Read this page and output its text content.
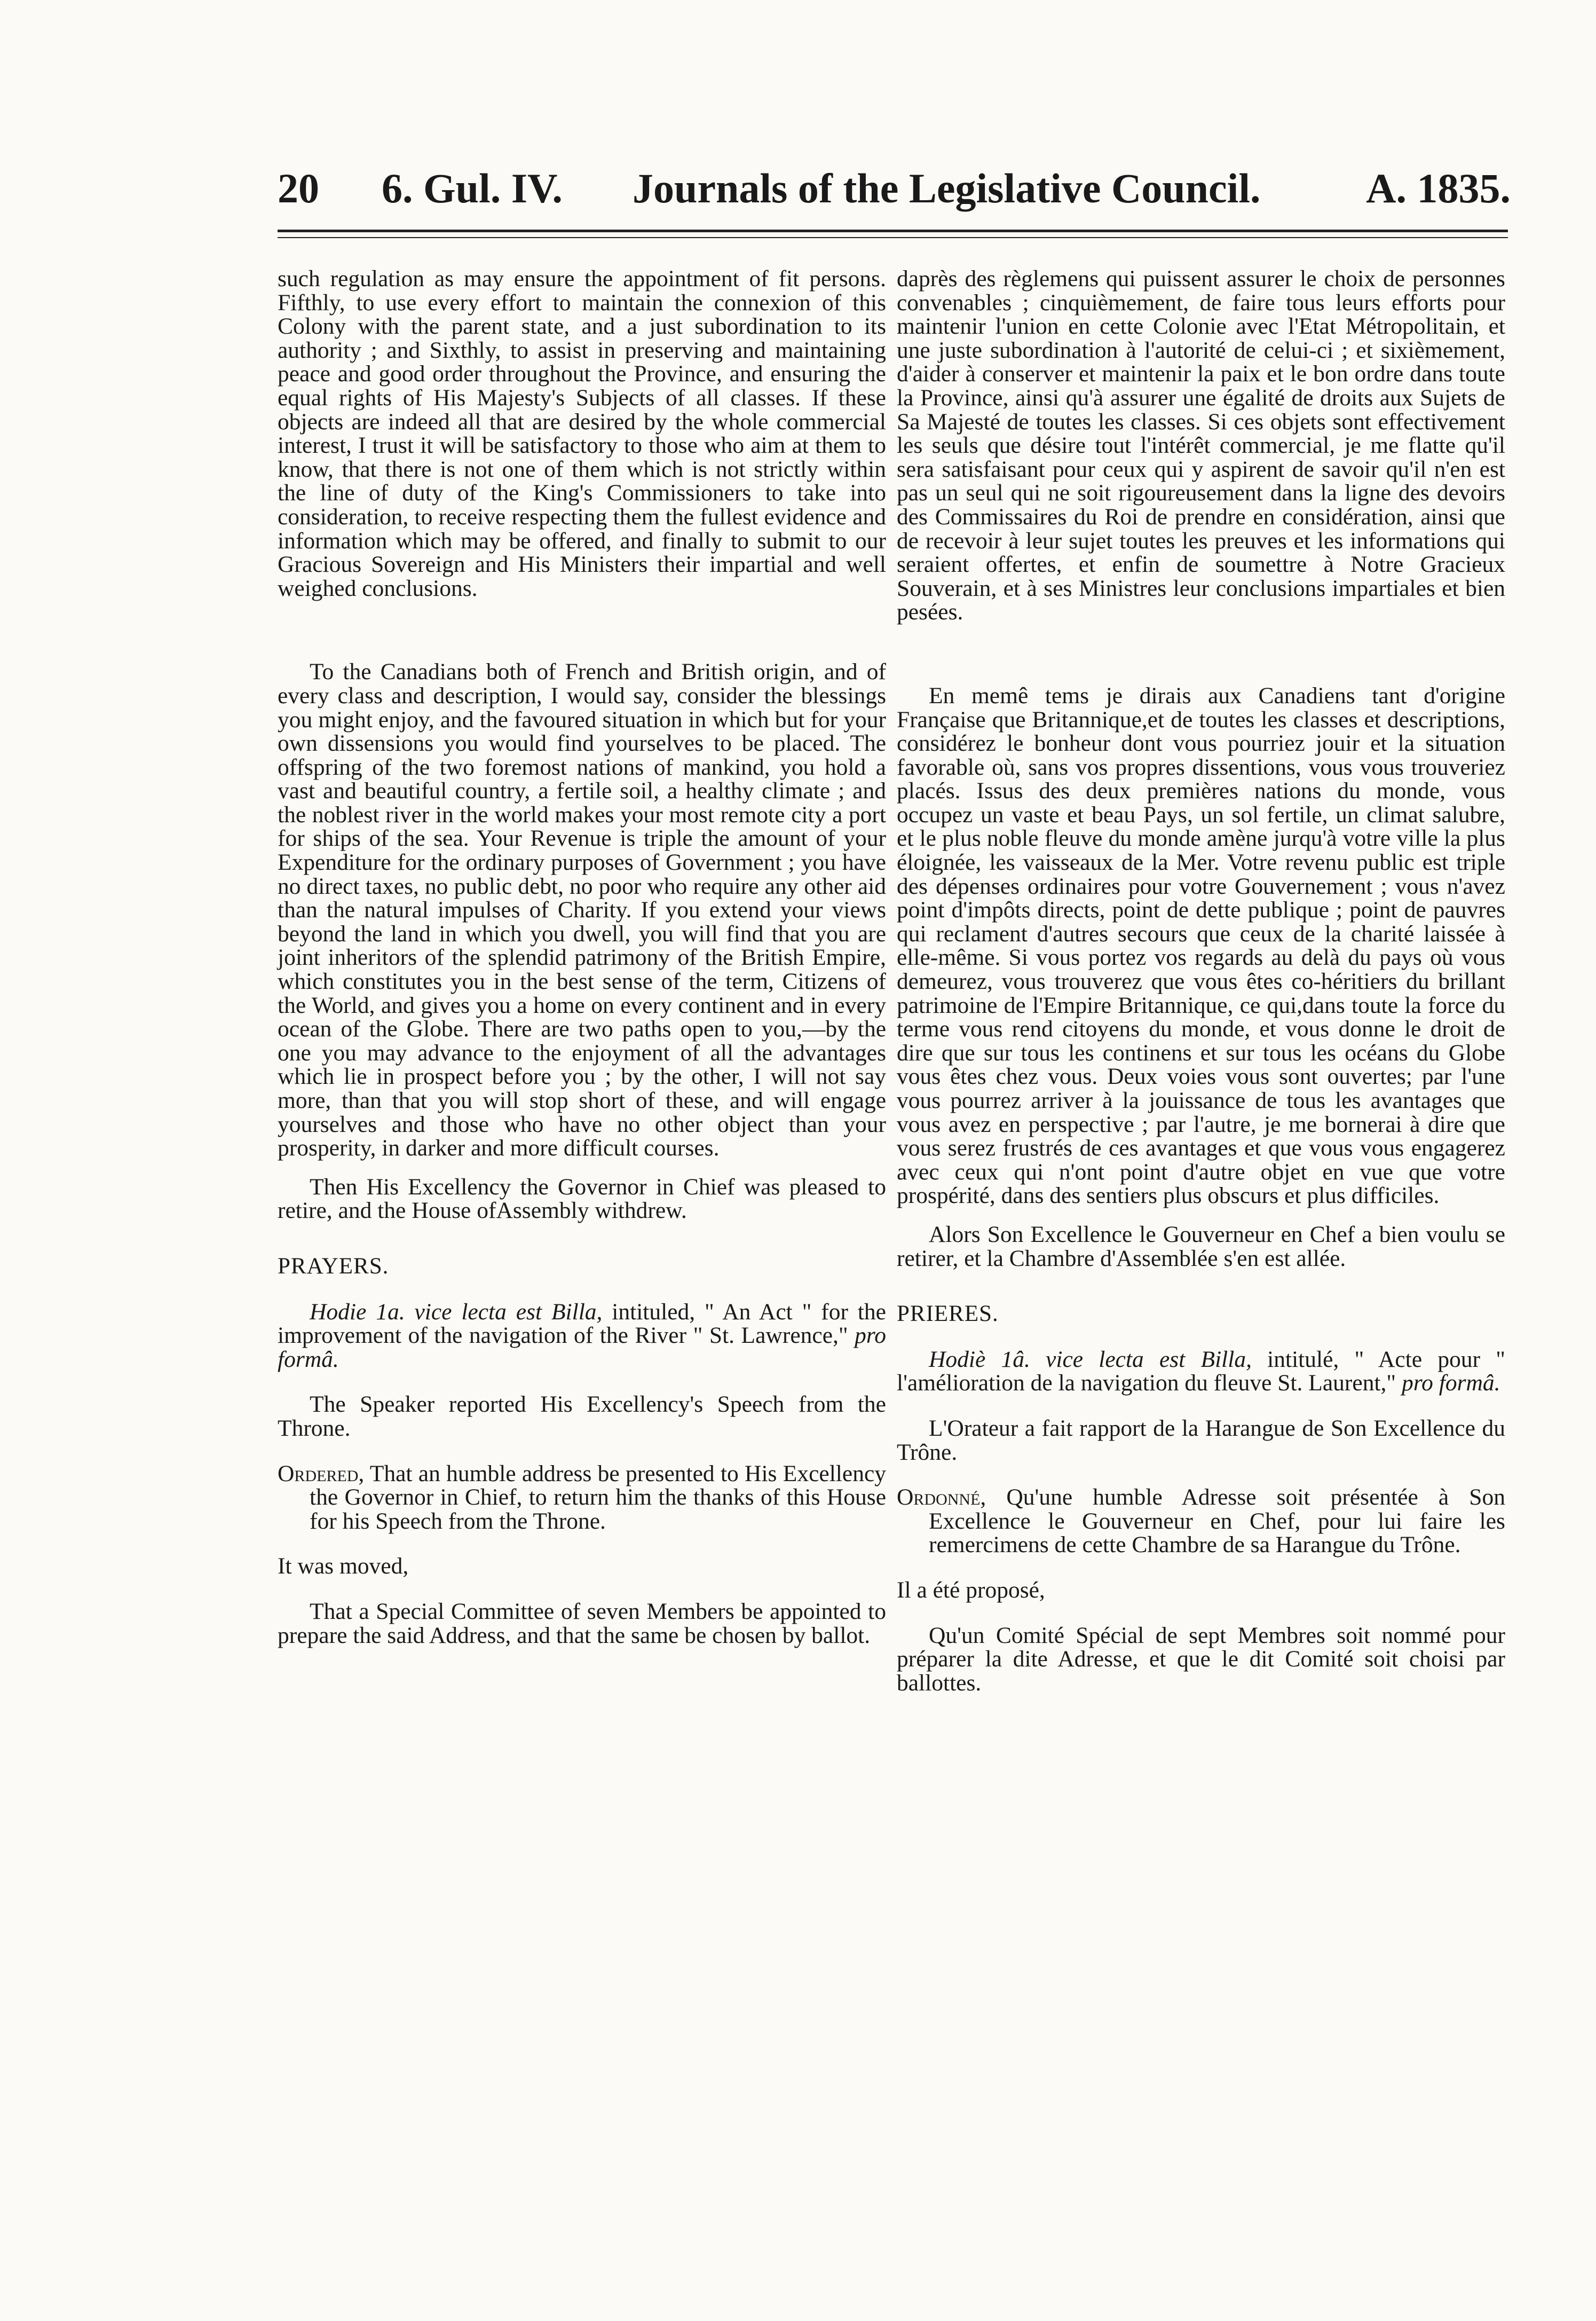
20 6. Gul. IV. Journals of the Legislative Council.	A. 1835.

such regulation as may ensure the appointment of fit persons. Fifthly, to use every effort to maintain the connexion of this Colony with the parent state, and a just subordination to its authority ; and Sixthly, to assist in preserving and maintaining peace and good order throughout the Province, and ensuring the equal rights of His Majesty's Subjects of all classes. If these objects are indeed all that are desired by the whole commercial interest, I trust it will be satisfactory to those who aim at them to know, that there is not one of them which is not strictly within the line of duty of the King's Commissioners to take into consideration, to receive respecting them the fullest evidence and information which may be offered, and finally to submit to our Gracious Sovereign and His Ministers their impartial and well weighed conclusions.

To the Canadians both of French and British origin, and of every class and description, I would say, consider the blessings you might enjoy, and the favoured situation in which but for your own dissensions you would find yourselves to be placed. The offspring of the two foremost nations of mankind, you hold a vast and beautiful country, a fertile soil, a healthy climate ; and the noblest river in the world makes your most remote city a port for ships of the sea. Your Revenue is triple the amount of your Expenditure for the ordinary purposes of Government ; you have no direct taxes, no public debt, no poor who require any other aid than the natural impulses of Charity. If you extend your views beyond the land in which you dwell, you will find that you are joint inheritors of the splendid patrimony of the British Empire, which constitutes you in the best sense of the term, Citizens of the World, and gives you a home on every continent and in every ocean of the Globe. There are two paths open to you,—by the one you may advance to the enjoyment of all the advantages which lie in prospect before you ; by the other, I will not say more, than that you will stop short of these, and will engage yourselves and those who have no other object than your prosperity, in darker and more difficult courses.

Then His Excellency the Governor in Chief was pleased to retire, and the House ofAssembly withdrew.

PRAYERS.

Hodie 1a. vice lecta est Billa, intituled, " An Act " for the improvement of the navigation of the River " St. Lawrence," pro formâ.

The Speaker reported His Excellency's Speech from the Throne.

Ordered, That an humble address be presented to His Excellency the Governor in Chief, to return him the thanks of this House for his Speech from the Throne.

It was moved,

That a Special Committee of seven Members be appointed to prepare the said Address, and that the same be chosen by ballot.

daprès des règlemens qui puissent assurer le choix de personnes convenables ; cinquièmement, de faire tous leurs efforts pour maintenir l'union en cette Colonie avec l'Etat Métropolitain, et une juste subordination à l'autorité de celui-ci ; et sixièmement, d'aider à conserver et maintenir la paix et le bon ordre dans toute la Province, ainsi qu'à assurer une égalité de droits aux Sujets de Sa Majesté de toutes les classes. Si ces objets sont effectivement les seuls que désire tout l'intérêt commercial, je me flatte qu'il sera satisfaisant pour ceux qui y aspirent de savoir qu'il n'en est pas un seul qui ne soit rigoureusement dans la ligne des devoirs des Commissaires du Roi de prendre en considération, ainsi que de recevoir à leur sujet toutes les preuves et les informations qui seraient offertes, et enfin de soumettre à Notre Gracieux Souverain, et à ses Ministres leur conclusions impartiales et bien pesées.

En memê tems je dirais aux Canadiens tant d'origine Française que Britannique,et de toutes les classes et descriptions, considérez le bonheur dont vous pourriez jouir et la situation favorable où, sans vos propres dissentions, vous vous trouveriez placés. Issus des deux premières nations du monde, vous occupez un vaste et beau Pays, un sol fertile, un climat salubre, et le plus noble fleuve du monde amène jurqu'à votre ville la plus éloignée, les vaisseaux de la Mer. Votre revenu public est triple des dépenses ordinaires pour votre Gouvernement ; vous n'avez point d'impôts directs, point de dette publique ; point de pauvres qui reclament d'autres secours que ceux de la charité laissée à elle-même. Si vous portez vos regards au delà du pays où vous demeurez, vous trouverez que vous êtes co-héritiers du brillant patrimoine de l'Empire Britannique, ce qui,dans toute la force du terme vous rend citoyens du monde, et vous donne le droit de dire que sur tous les continens et sur tous les océans du Globe vous êtes chez vous. Deux voies vous sont ouvertes; par l'une vous pourrez arriver à la jouissance de tous les avantages que vous avez en perspective ; par l'autre, je me bornerai à dire que vous serez frustrés de ces avantages et que vous vous engagerez avec ceux qui n'ont point d'autre objet en vue que votre prospérité, dans des sentiers plus obscurs et plus difficiles.

Alors Son Excellence le Gouverneur en Chef a bien voulu se retirer, et la Chambre d'Assemblée s'en est allée.

PRIERES.

Hodiè 1â. vice lecta est Billa, intitulé, " Acte pour " l'amélioration de la navigation du fleuve St. Laurent," pro formâ.

L'Orateur a fait rapport de la Harangue de Son Excellence du Trône.

Ordonné, Qu'une humble Adresse soit présentée à Son Excellence le Gouverneur en Chef, pour lui faire les remercimens de cette Chambre de sa Harangue du Trône.

Il a été proposé,

Qu'un Comité Spécial de sept Membres soit nommé pour préparer la dite Adresse, et que le dit Comité soit choisi par ballottes.
